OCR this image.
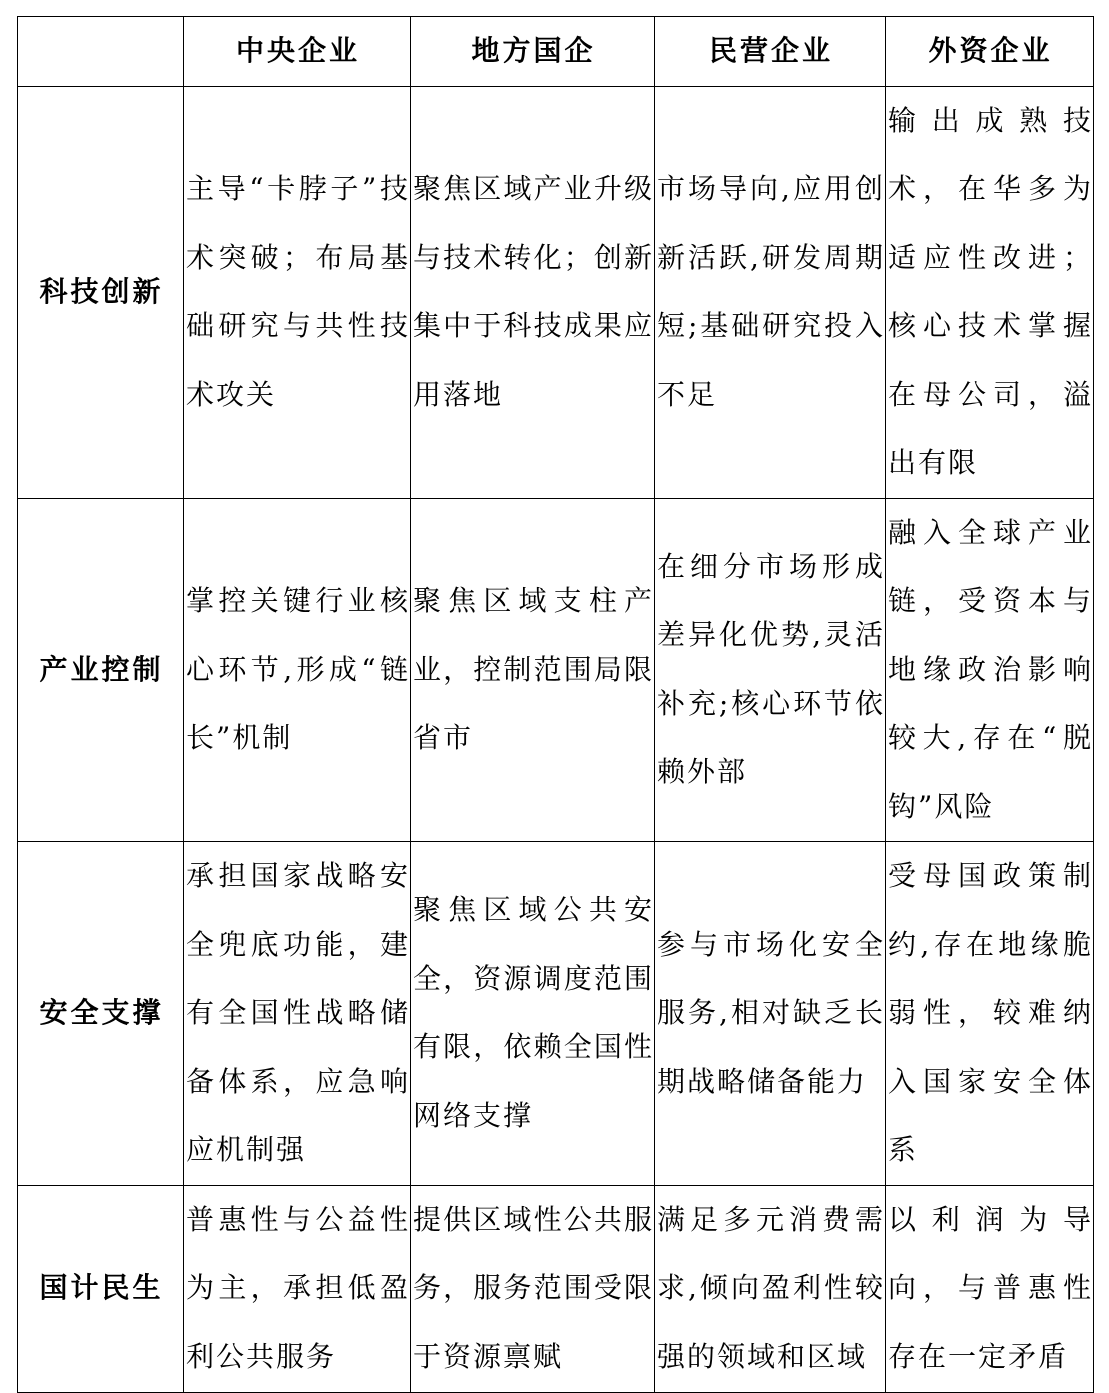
	中央企业	地方国企	民营企业	外资企业
科技创新	主导“卡脖子”技术突破；布局基础研究与共性技术攻关	聚焦区域产业升级与技术转化；创新集中于科技成果应用落地	市场导向,应用创新活跃,研发周期短;基础研究投入不足	输出成熟技术，在华多为适应性改进；核心技术掌握在母公司，溢出有限
产业控制	掌控关键行业核心环节,形成“链长”机制	聚焦区域支柱产业，控制范围局限省市	在细分市场形成差异化优势,灵活补充;核心环节依赖外部	融入全球产业链，受资本与地缘政治影响较大,存在“脱钩”风险
安全支撑	承担国家战略安全兜底功能，建有全国性战略储备体系，应急响应机制强	聚焦区域公共安全，资源调度范围有限，依赖全国性网络支撑	参与市场化安全服务,相对缺乏长期战略储备能力	受母国政策制约,存在地缘脆弱性，较难纳入国家安全体系
国计民生	普惠性与公益性为主，承担低盈利公共服务	提供区域性公共服务，服务范围受限于资源禀赋	满足多元消费需求,倾向盈利性较强的领域和区域	以利润为导向，与普惠性存在一定矛盾
